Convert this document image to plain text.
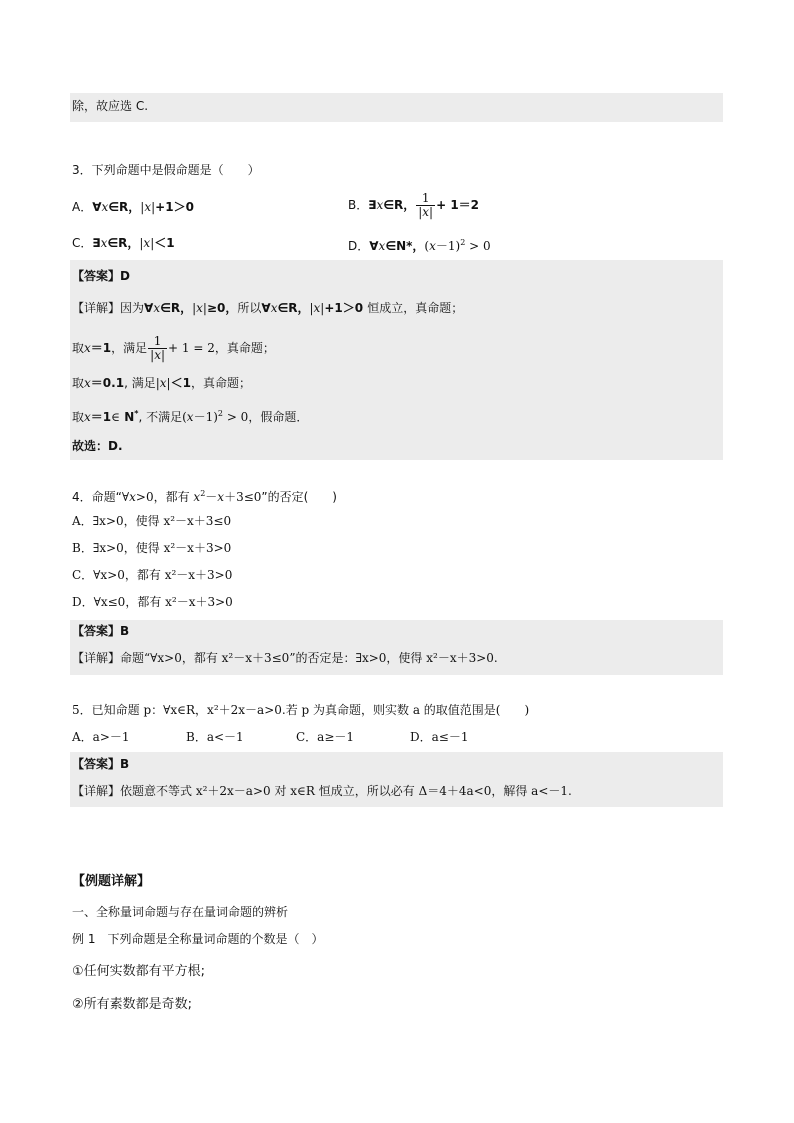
除，故应选 C.
3．下列命题中是假命题是（　　）
A．∀x∈R，|x|+1＞0	B．∃x∈R， $\frac{1}{|x|} + 1=2$
C．∃x∈R，|x|＜1	D．∀x∈N*，$(x-1)^2 > 0$
【答案】D
【详解】因为∀x∈R，|x|≥0，所以∀x∈R，|x|+1＞0 恒成立，真命题；
取x＝1，满足 $\frac{1}{|x|} + 1 = 2$，真命题；
取x＝0.1, 满足|x|＜1，真命题；
取x＝1∈ N*, 不满足$(x-1)^2 > 0$，假命题．
故选：D.
4．命题“∀x>0，都有 $x^2-x+3\le 0$”的否定(　　)
A．∃x>0，使得 x²－x＋3≤0
B．∃x>0，使得 x²－x＋3>0
C．∀x>0，都有 x²－x＋3>0
D．∀x≤0，都有 x²－x＋3>0
【答案】B
【详解】命题“∀x>0，都有 x²－x＋3≤0”的否定是：∃x>0，使得 x²－x＋3>0.
5．已知命题 p：∀x∈R，x²＋2x－a>0.若 p 为真命题，则实数 a 的取值范围是(　　)
A．a>－1	B．a<－1	C．a≥－1	D．a≤－1
【答案】B
【详解】依题意不等式 x²＋2x－a>0 对 x∈R 恒成立，所以必有 Δ＝4＋4a<0，解得 a<－1.
【例题详解】
一、全称量词命题与存在量词命题的辨析
例 1　下列命题是全称量词命题的个数是（　）
①任何实数都有平方根;
②所有素数都是奇数;
